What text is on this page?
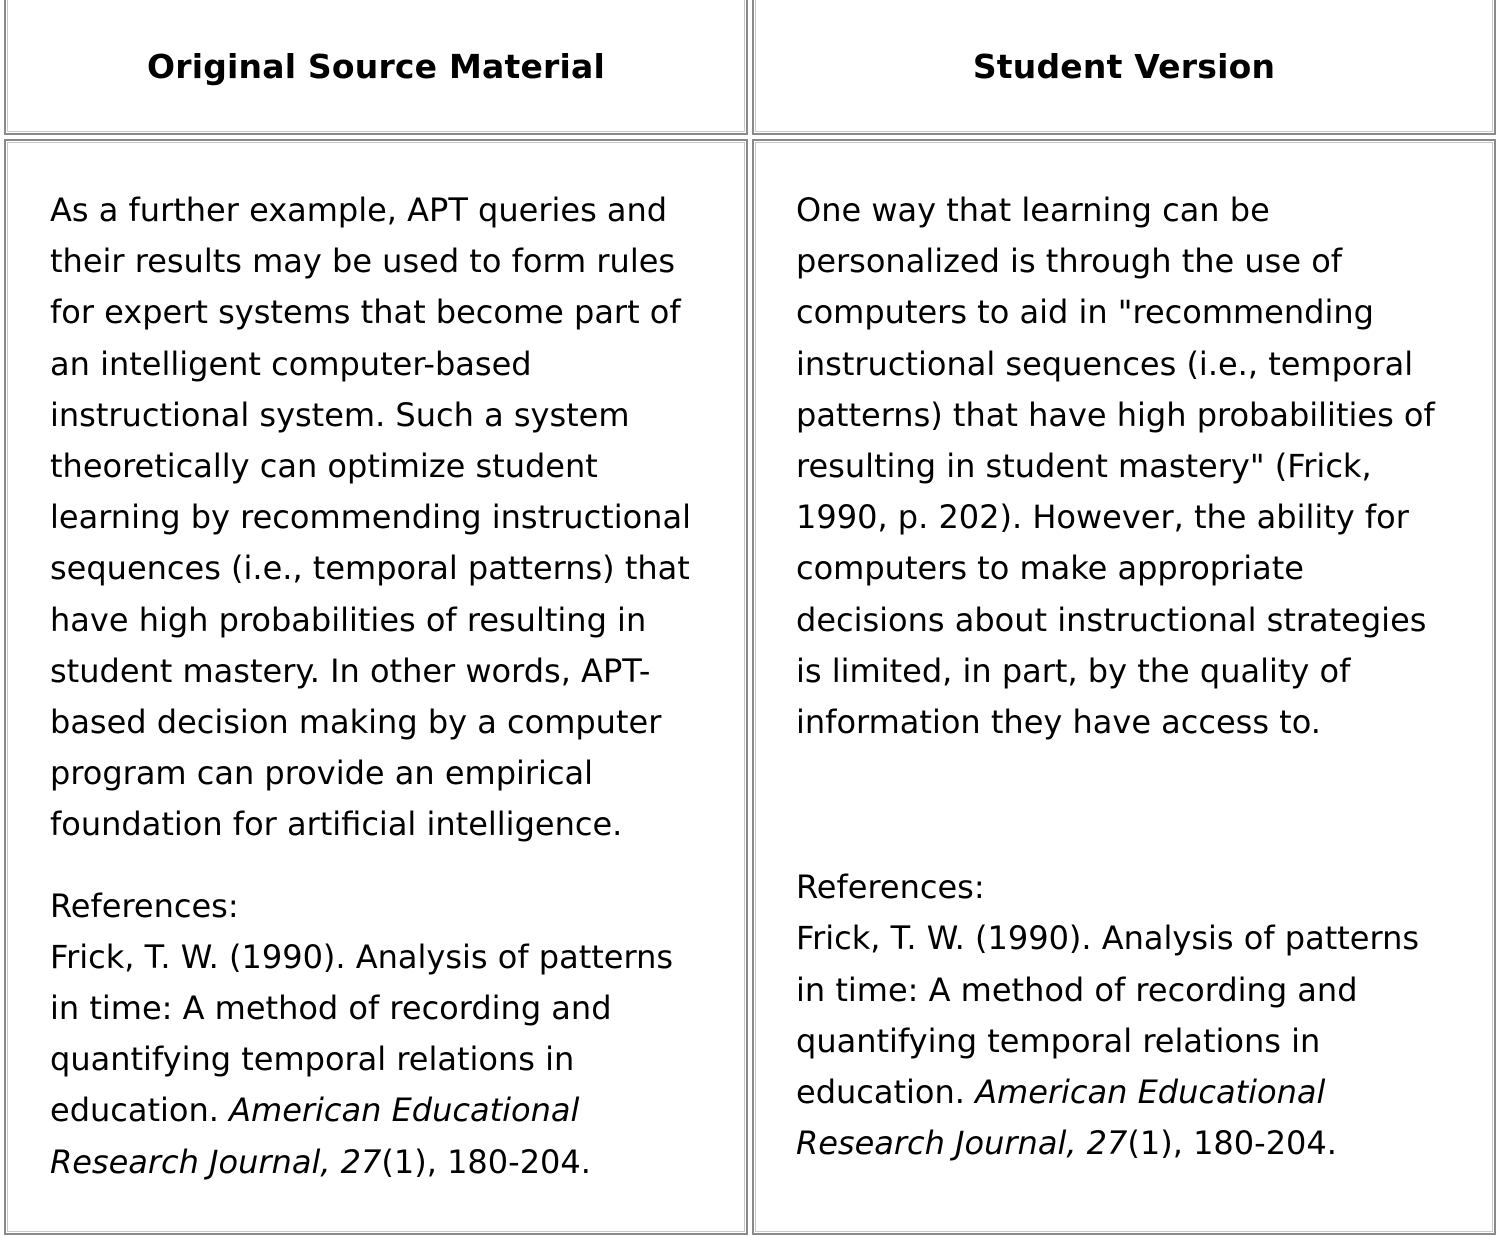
Original Source Material	Student Version

As a further example, APT queries and their results may be used to form rules for expert systems that become part of an intelligent computer-based instructional system. Such a system theoretically can optimize student learning by recommending instructional sequences (i.e., temporal patterns) that have high probabilities of resulting in student mastery. In other words, APT-based decision making by a computer program can provide an empirical foundation for artificial intelligence.

References:
Frick, T. W. (1990). Analysis of patterns in time: A method of recording and quantifying temporal relations in education. American Educational Research Journal, 27(1), 180-204.

One way that learning can be personalized is through the use of computers to aid in "recommending instructional sequences (i.e., temporal patterns) that have high probabilities of resulting in student mastery" (Frick, 1990, p. 202). However, the ability for computers to make appropriate decisions about instructional strategies is limited, in part, by the quality of information they have access to.

References:
Frick, T. W. (1990). Analysis of patterns in time: A method of recording and quantifying temporal relations in education. American Educational Research Journal, 27(1), 180-204.
